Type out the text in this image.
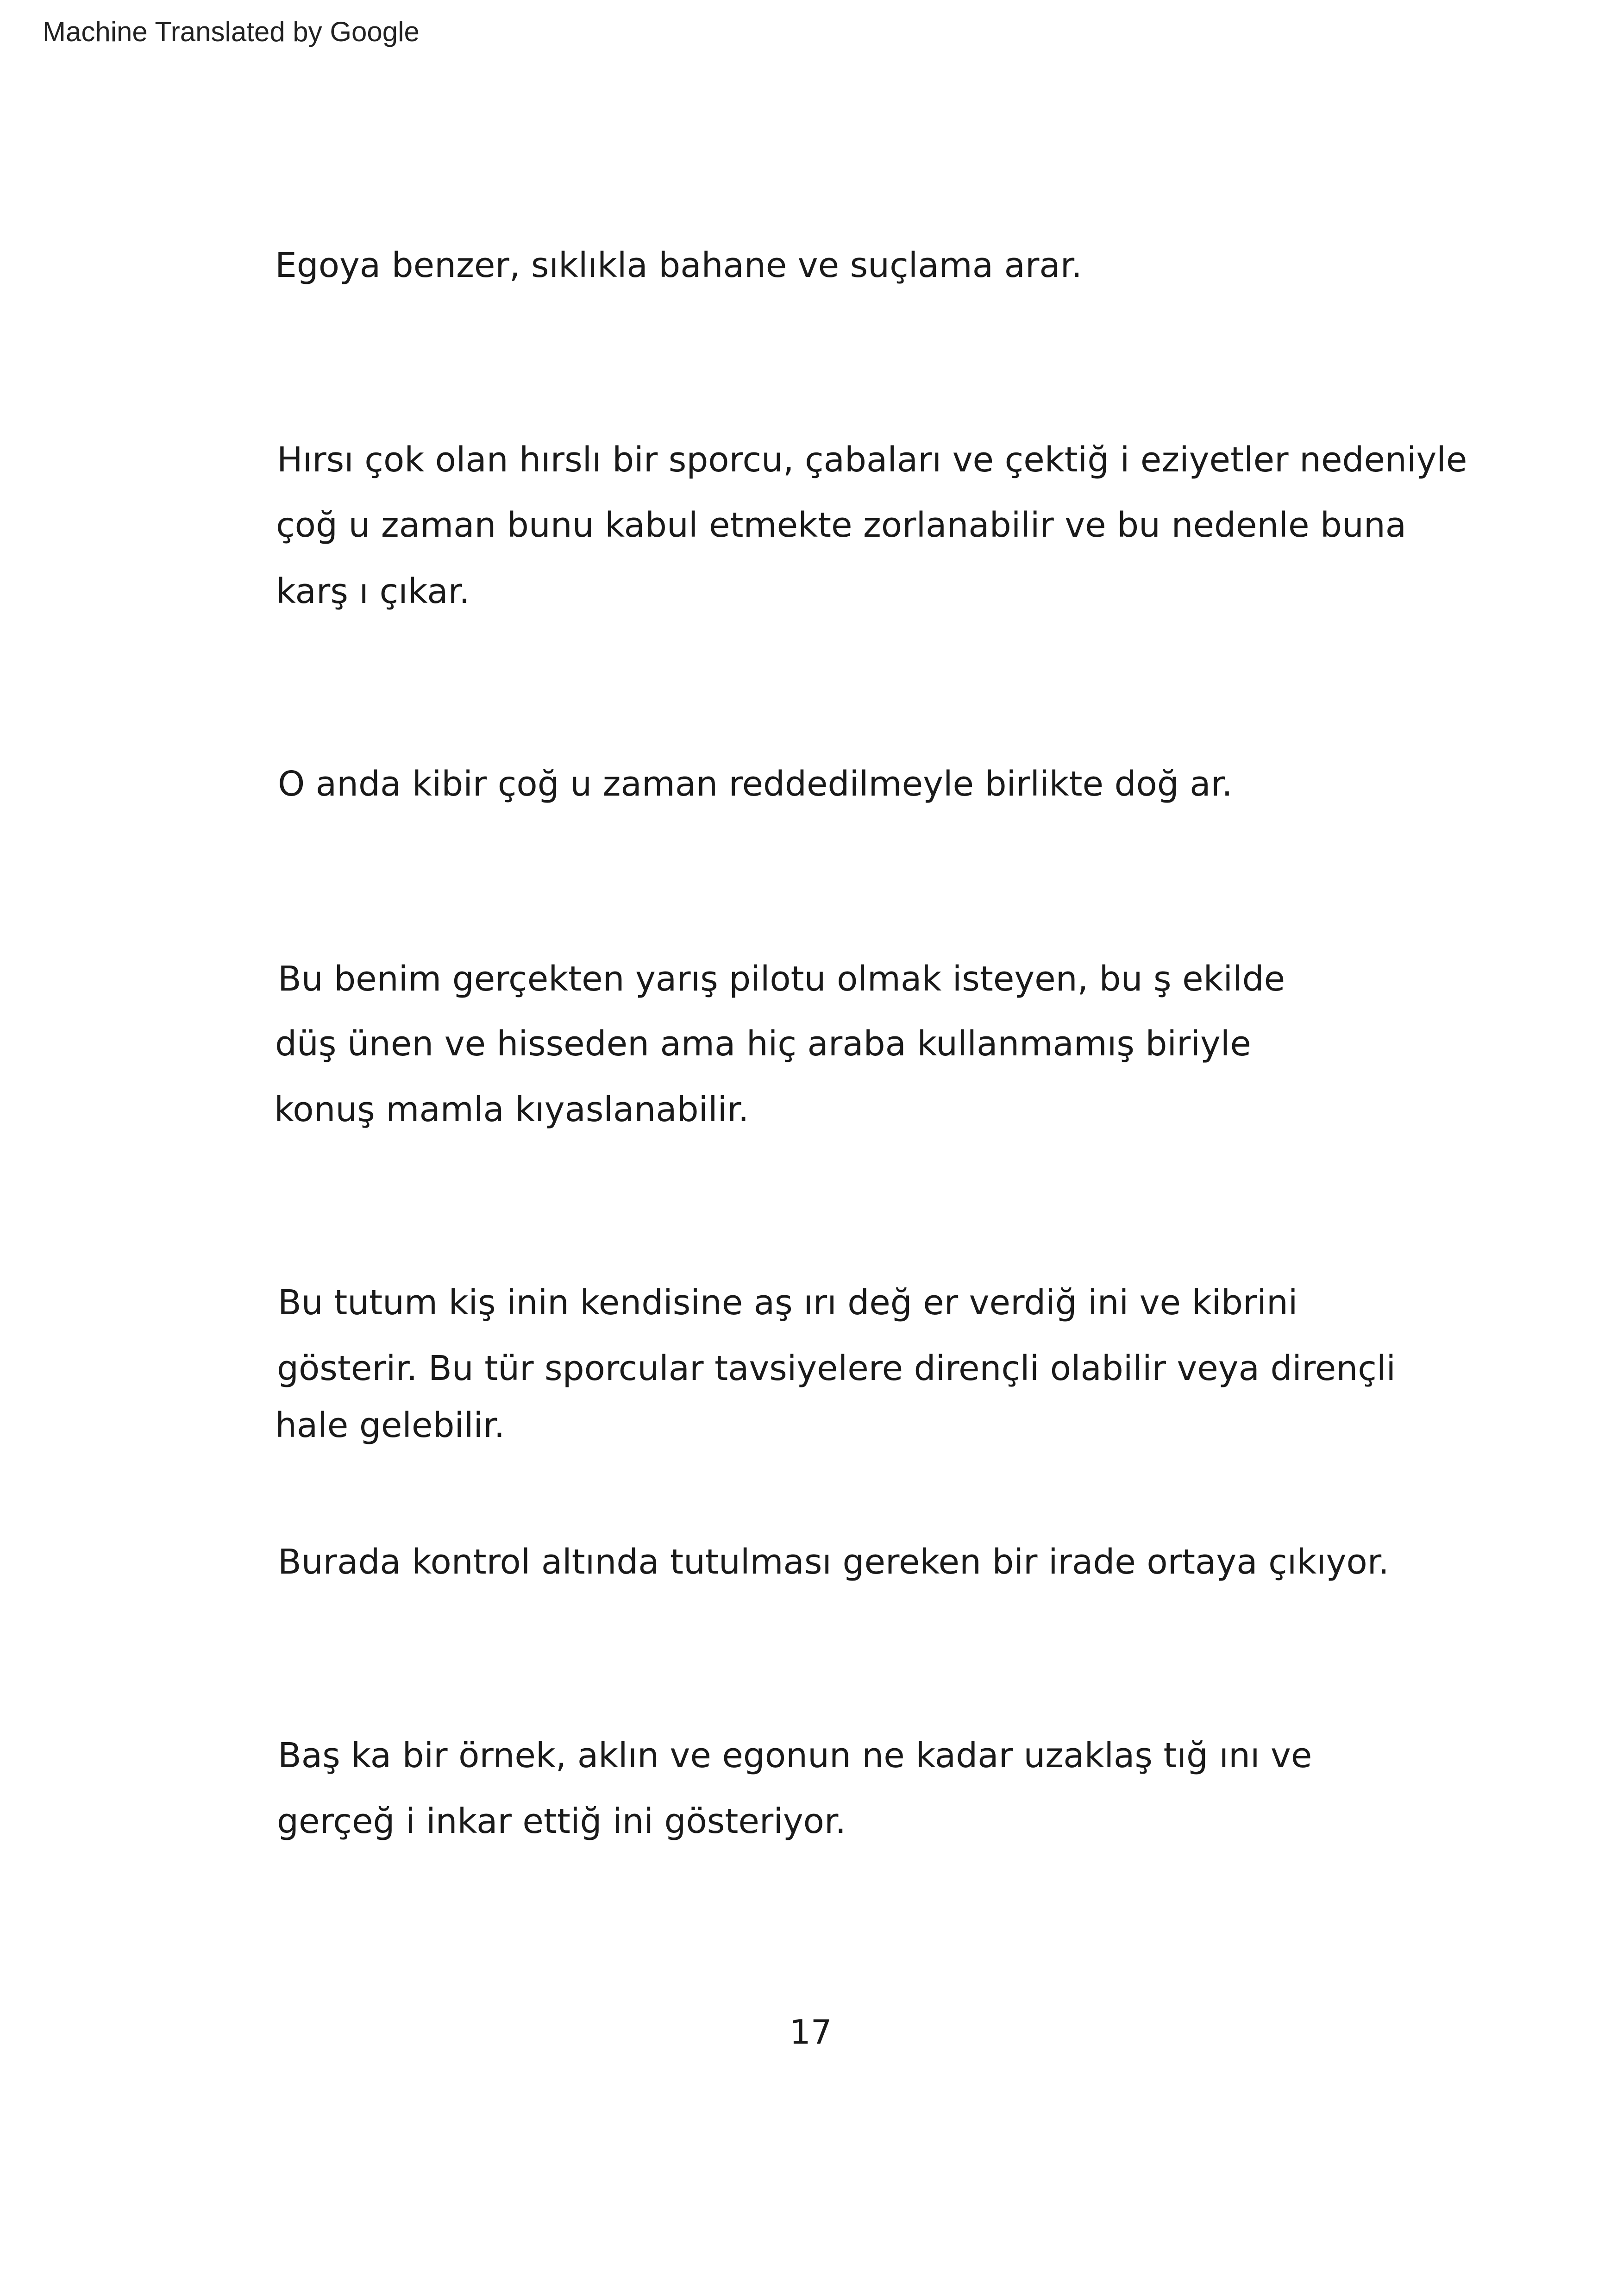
Machine Translated by Google
Egoya benzer, sıklıkla bahane ve suçlama arar.
Hırsı çok olan hırslı bir sporcu, çabaları ve çektiğ i eziyetler nedeniyle
çoğ u zaman bunu kabul etmekte zorlanabilir ve bu nedenle buna
karş ı çıkar.
O anda kibir çoğ u zaman reddedilmeyle birlikte doğ ar.
Bu benim gerçekten yarış pilotu olmak isteyen, bu ş ekilde
düş ünen ve hisseden ama hiç araba kullanmamış biriyle
konuş mamla kıyaslanabilir.
Bu tutum kiş inin kendisine aş ırı değ er verdiğ ini ve kibrini
gösterir. Bu tür sporcular tavsiyelere dirençli olabilir veya dirençli
hale gelebilir.
Burada kontrol altında tutulması gereken bir irade ortaya çıkıyor.
Baş ka bir örnek, aklın ve egonun ne kadar uzaklaş tığ ını ve
gerçeğ i inkar ettiğ ini gösteriyor.
17
